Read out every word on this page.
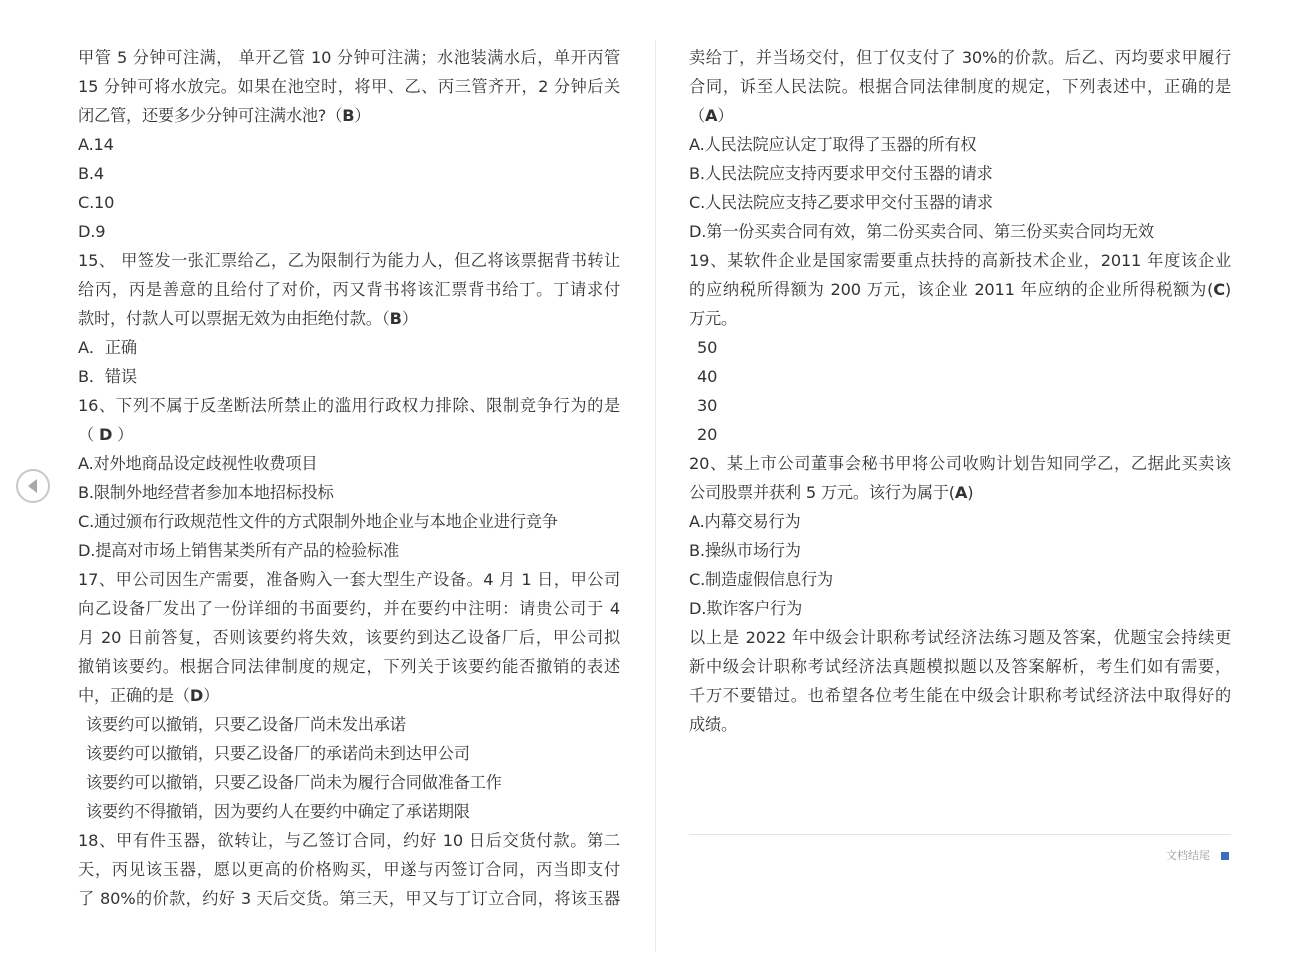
甲管 5 分钟可注满， 单开乙管 10 分钟可注满；水池装满水后，单开丙管
15 分钟可将水放完。如果在池空时，将甲、乙、丙三管齐开，2 分钟后关
闭乙管，还要多少分钟可注满水池?（B）
A.14
B.4
C.10
D.9
15、 甲签发一张汇票给乙，乙为限制行为能力人，但乙将该票据背书转让
给丙，丙是善意的且给付了对价，丙又背书将该汇票背书给丁。丁请求付
款时，付款人可以票据无效为由拒绝付款。（B）
A．正确
B．错误
16、下列不属于反垄断法所禁止的滥用行政权力排除、限制竞争行为的是
（ D ）
A.对外地商品设定歧视性收费项目
B.限制外地经营者参加本地招标投标
C.通过颁布行政规范性文件的方式限制外地企业与本地企业进行竞争
D.提高对市场上销售某类所有产品的检验标准
17、甲公司因生产需要，准备购入一套大型生产设备。4 月 1 日，甲公司
向乙设备厂发出了一份详细的书面要约，并在要约中注明：请贵公司于 4
月 20 日前答复，否则该要约将失效，该要约到达乙设备厂后，甲公司拟
撤销该要约。根据合同法律制度的规定，下列关于该要约能否撤销的表述
中，正确的是（D）
该要约可以撤销，只要乙设备厂尚未发出承诺
该要约可以撤销，只要乙设备厂的承诺尚未到达甲公司
该要约可以撤销，只要乙设备厂尚未为履行合同做准备工作
该要约不得撤销，因为要约人在要约中确定了承诺期限
18、甲有件玉器，欲转让，与乙签订合同，约好 10 日后交货付款。第二
天，丙见该玉器，愿以更高的价格购买，甲遂与丙签订合同，丙当即支付
了 80%的价款，约好 3 天后交货。第三天，甲又与丁订立合同，将该玉器
卖给丁，并当场交付，但丁仅支付了 30%的价款。后乙、丙均要求甲履行
合同，诉至人民法院。根据合同法律制度的规定，下列表述中，正确的是
（A）
A.人民法院应认定丁取得了玉器的所有权
B.人民法院应支持丙要求甲交付玉器的请求
C.人民法院应支持乙要求甲交付玉器的请求
D.第一份买卖合同有效，第二份买卖合同、第三份买卖合同均无效
19、某软件企业是国家需要重点扶持的高新技术企业，2011 年度该企业
的应纳税所得额为 200 万元，该企业 2011 年应纳的企业所得税额为(C)
万元。
50
40
30
20
20、某上市公司董事会秘书甲将公司收购计划告知同学乙，乙据此买卖该
公司股票并获利 5 万元。该行为属于(A)
A.内幕交易行为
B.操纵市场行为
C.制造虚假信息行为
D.欺诈客户行为
以上是 2022 年中级会计职称考试经济法练习题及答案，优题宝会持续更
新中级会计职称考试经济法真题模拟题以及答案解析，考生们如有需要，
千万不要错过。也希望各位考生能在中级会计职称考试经济法中取得好的
成绩。
文档结尾
